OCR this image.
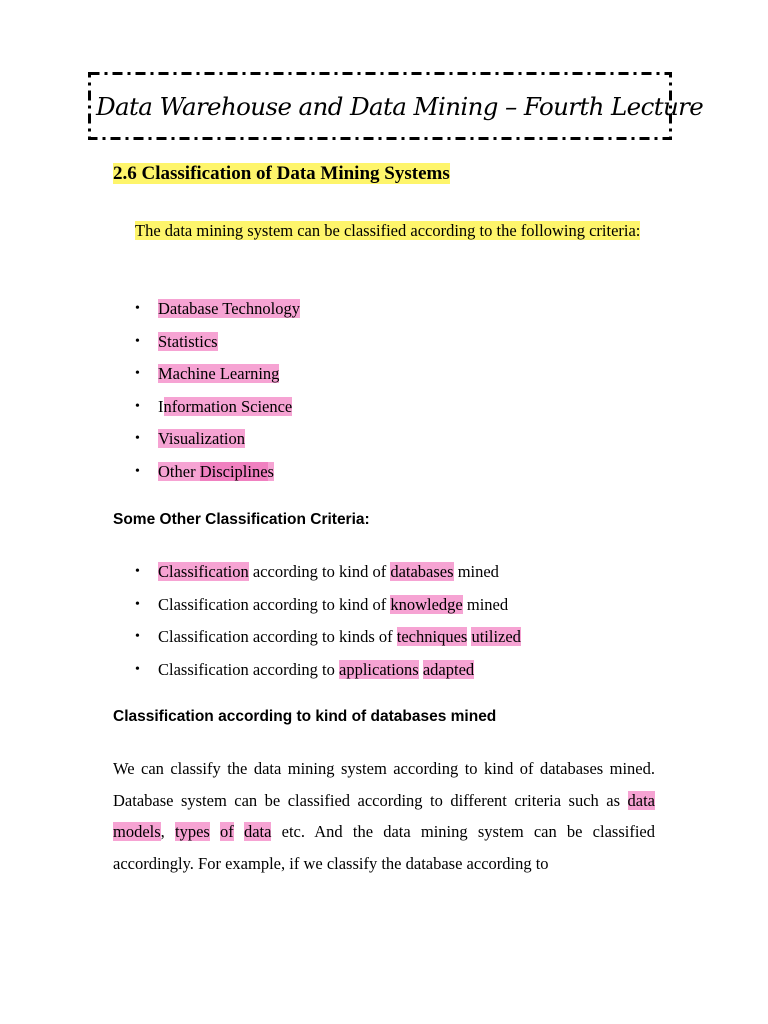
Data Warehouse and Data Mining – Fourth Lecture
2.6 Classification of Data Mining Systems
The data mining system can be classified according to the following criteria:
• Database Technology
• Statistics
• Machine Learning
• Information Science
• Visualization
• Other Disciplines
Some Other Classification Criteria:
• Classification according to kind of databases mined
• Classification according to kind of knowledge mined
• Classification according to kinds of techniques utilized
• Classification according to applications adapted
Classification according to kind of databases mined
We can classify the data mining system according to kind of databases mined. Database system can be classified according to different criteria such as data models, types of data etc. And the data mining system can be classified accordingly. For example, if we classify the database according to
